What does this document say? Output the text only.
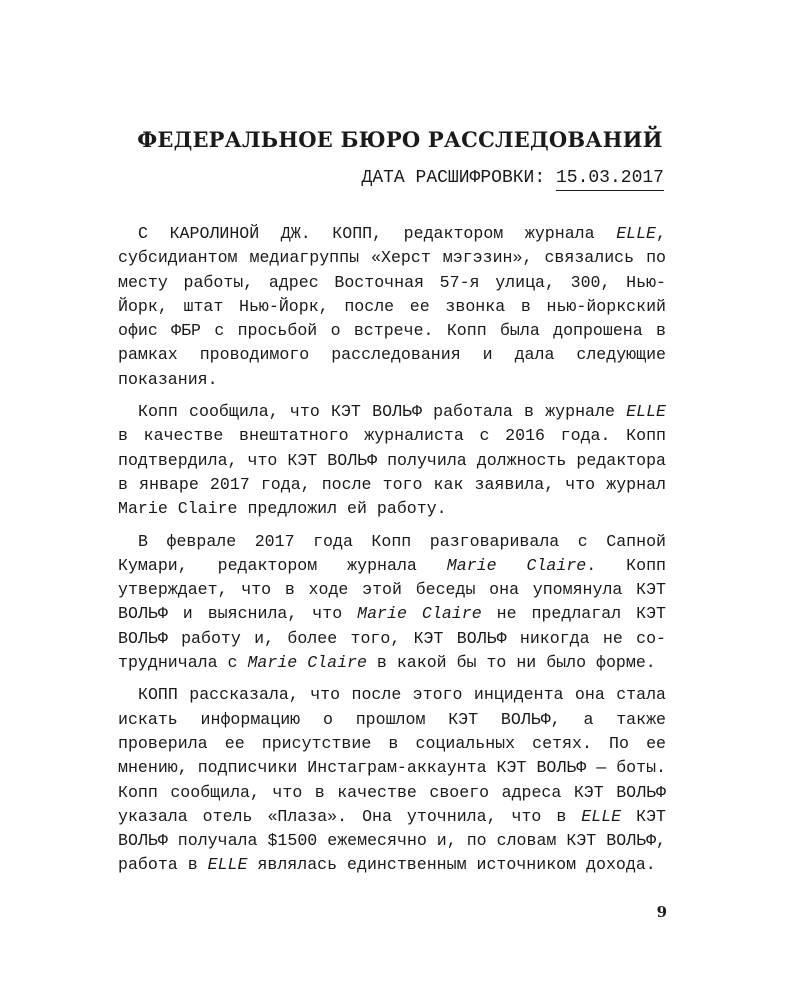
ФЕДЕРАЛЬНОЕ БЮРО РАССЛЕДОВАНИЙ
ДАТА РАСШИФРОВКИ: 15.03.2017

С КАРОЛИНОЙ ДЖ. КОПП, редактором журнала ELLE, субсидиантом медиагруппы «Херст мэгэзин», связались по месту работы, адрес Восточная 57-я улица, 300, Нью-Йорк, штат Нью-Йорк, после ее звонка в нью-йоркский офис ФБР с просьбой о встрече. Копп была допрошена в рамках проводимого расследования и дала следующие показания.

Копп сообщила, что КЭТ ВОЛЬФ работала в журнале ELLE в качестве внештатного журналиста с 2016 года. Копп подтвердила, что КЭТ ВОЛЬФ получила должность редактора в январе 2017 года, после того как заявила, что журнал Marie Claire предложил ей работу.

В феврале 2017 года Копп разговаривала с Сапной Кумари, редактором журнала Marie Claire. Копп утверждает, что в ходе этой беседы она упомянула КЭТ ВОЛЬФ и выяснила, что Marie Claire не предлагал КЭТ ВОЛЬФ работу и, более того, КЭТ ВОЛЬФ никогда не сотрудничала с Marie Claire в какой бы то ни было форме.

КОПП рассказала, что после этого инцидента она стала искать информацию о прошлом КЭТ ВОЛЬФ, а также проверила ее присутствие в социальных сетях. По ее мнению, подписчики Инстаграм-аккаунта КЭТ ВОЛЬФ — боты. Копп сообщила, что в качестве своего адреса КЭТ ВОЛЬФ указала отель «Плаза». Она уточнила, что в ELLE КЭТ ВОЛЬФ получала $1500 ежемесячно и, по словам КЭТ ВОЛЬФ, работа в ELLE являлась единственным источником дохода.

9
